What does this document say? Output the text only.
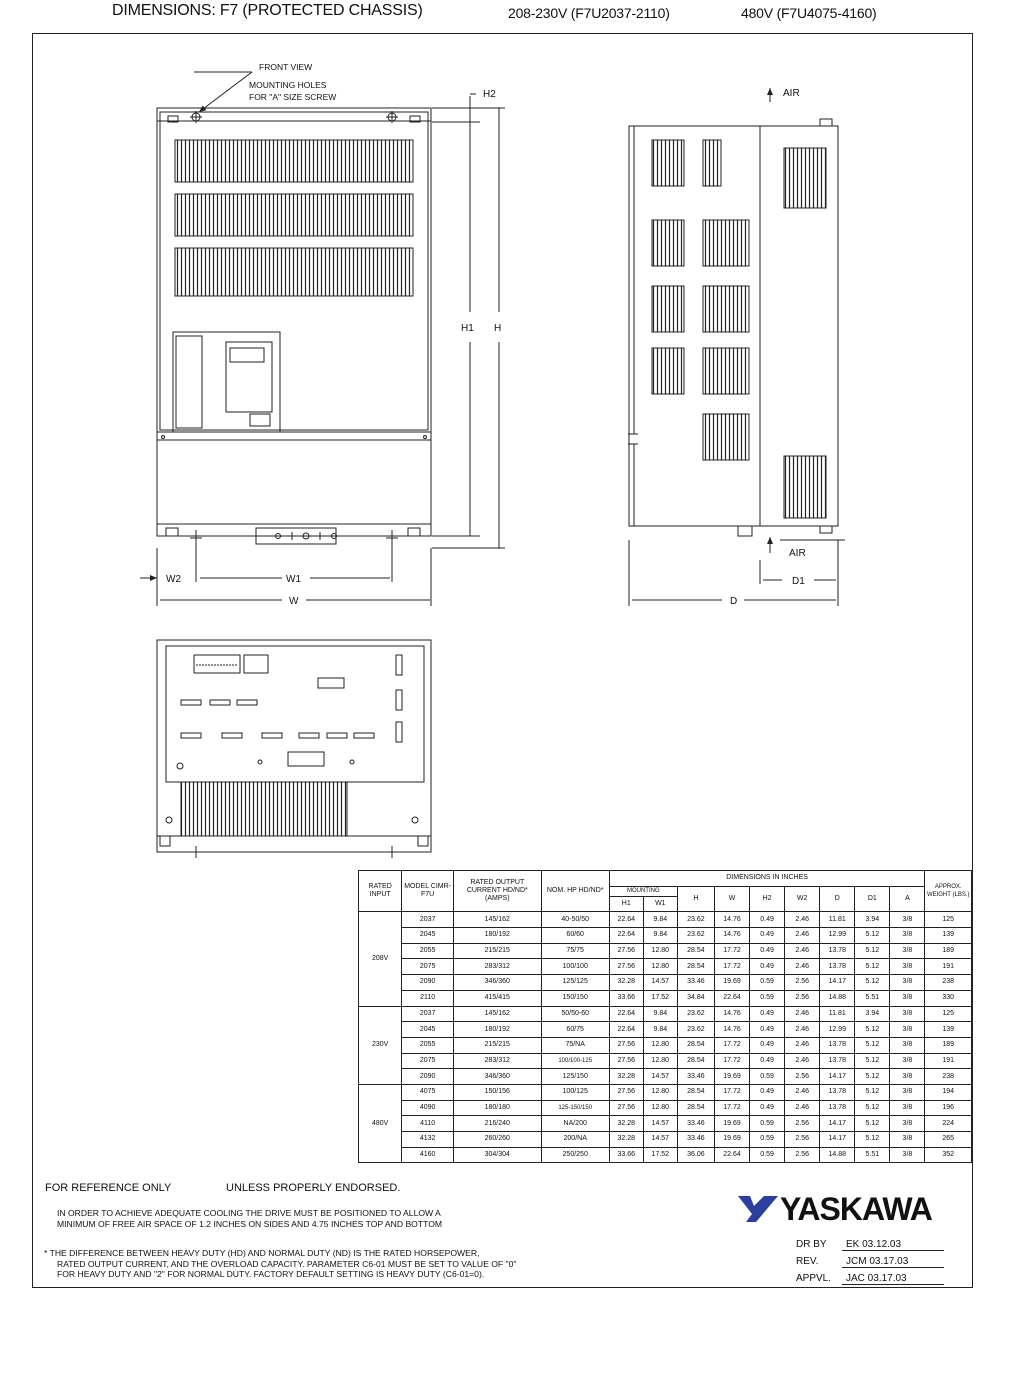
DIMENSIONS: F7 (PROTECTED CHASSIS)	208-230V (F7U2037-2110)	480V (F7U4075-4160)
FRONT VIEW
MOUNTING HOLES
FOR "A" SIZE SCREW	H2
H1 H
W2	W1
W	D
D1
AIR
AIR
RATED INPUT	MODEL CIMR-F7U	RATED OUTPUT CURRENT HD/ND* (AMPS)	NOM. HP HD/ND*	DIMENSIONS IN INCHES									APPROX. WEIGHT (LBS.)
				MOUNTING		H	W	H2	W2	D	D1	A	
				H1	W1								
208V	2037	145/162	40-50/50	22.64	9.84	23.62	14.76	0.49	2.46	11.81	3.94	3/8	125
	2045	180/192	60/60	22.64	9.84	23.62	14.76	0.49	2.46	12.99	5.12	3/8	139
	2055	215/215	75/75	27.56	12.80	28.54	17.72	0.49	2.46	13.78	5.12	3/8	189
	2075	283/312	100/100	27.56	12.80	28.54	17.72	0.49	2.46	13.78	5.12	3/8	191
	2090	346/360	125/125	32.28	14.57	33.46	19.69	0.59	2.56	14.17	5.12	3/8	238
	2110	415/415	150/150	33.66	17.52	34.84	22.64	0.59	2.56	14.88	5.51	3/8	330
230V	2037	145/162	50/50-60	22.64	9.84	23.62	14.76	0.49	2.46	11.81	3.94	3/8	125
	2045	180/192	60/75	22.64	9.84	23.62	14.76	0.49	2.46	12.99	5.12	3/8	139
	2055	215/215	75/NA	27.56	12.80	28.54	17.72	0.49	2.46	13.78	5.12	3/8	189
	2075	283/312	100/100-125	27.56	12.80	28.54	17.72	0.49	2.46	13.78	5.12	3/8	191
	2090	346/360	125/150	32.28	14.57	33.46	19.69	0.59	2.56	14.17	5.12	3/8	238
480V	4075	150/156	100/125	27.56	12.80	28.54	17.72	0.49	2.46	13.78	5.12	3/8	194
	4090	180/180	125-150/150	27.56	12.80	28.54	17.72	0.49	2.46	13.78	5.12	3/8	196
	4110	216/240	NA/200	32.28	14.57	33.46	19.69	0.59	2.56	14.17	5.12	3/8	224
	4132	260/260	200/NA	32.28	14.57	33.46	19.69	0.59	2.56	14.17	5.12	3/8	265
	4160	304/304	250/250	33.66	17.52	36.06	22.64	0.59	2.56	14.88	5.51	3/8	352
FOR REFERENCE ONLY	UNLESS PROPERLY ENDORSED.
IN ORDER TO ACHIEVE ADEQUATE COOLING THE DRIVE MUST BE POSITIONED TO ALLOW A
MINIMUM OF FREE AIR SPACE OF 1.2 INCHES ON SIDES AND 4.75 INCHES TOP AND BOTTOM
* THE DIFFERENCE BETWEEN HEAVY DUTY (HD) AND NORMAL DUTY (ND) IS THE RATED HORSEPOWER,
RATED OUTPUT CURRENT, AND THE OVERLOAD CAPACITY. PARAMETER C6-01 MUST BE SET TO VALUE OF "0"
FOR HEAVY DUTY AND "2" FOR NORMAL DUTY. FACTORY DEFAULT SETTING IS HEAVY DUTY (C6-01=0).
YASKAWA
DR BY EK 03.12.03
REV.	JCM 03.17.03
APPVL. JAC 03.17.03
